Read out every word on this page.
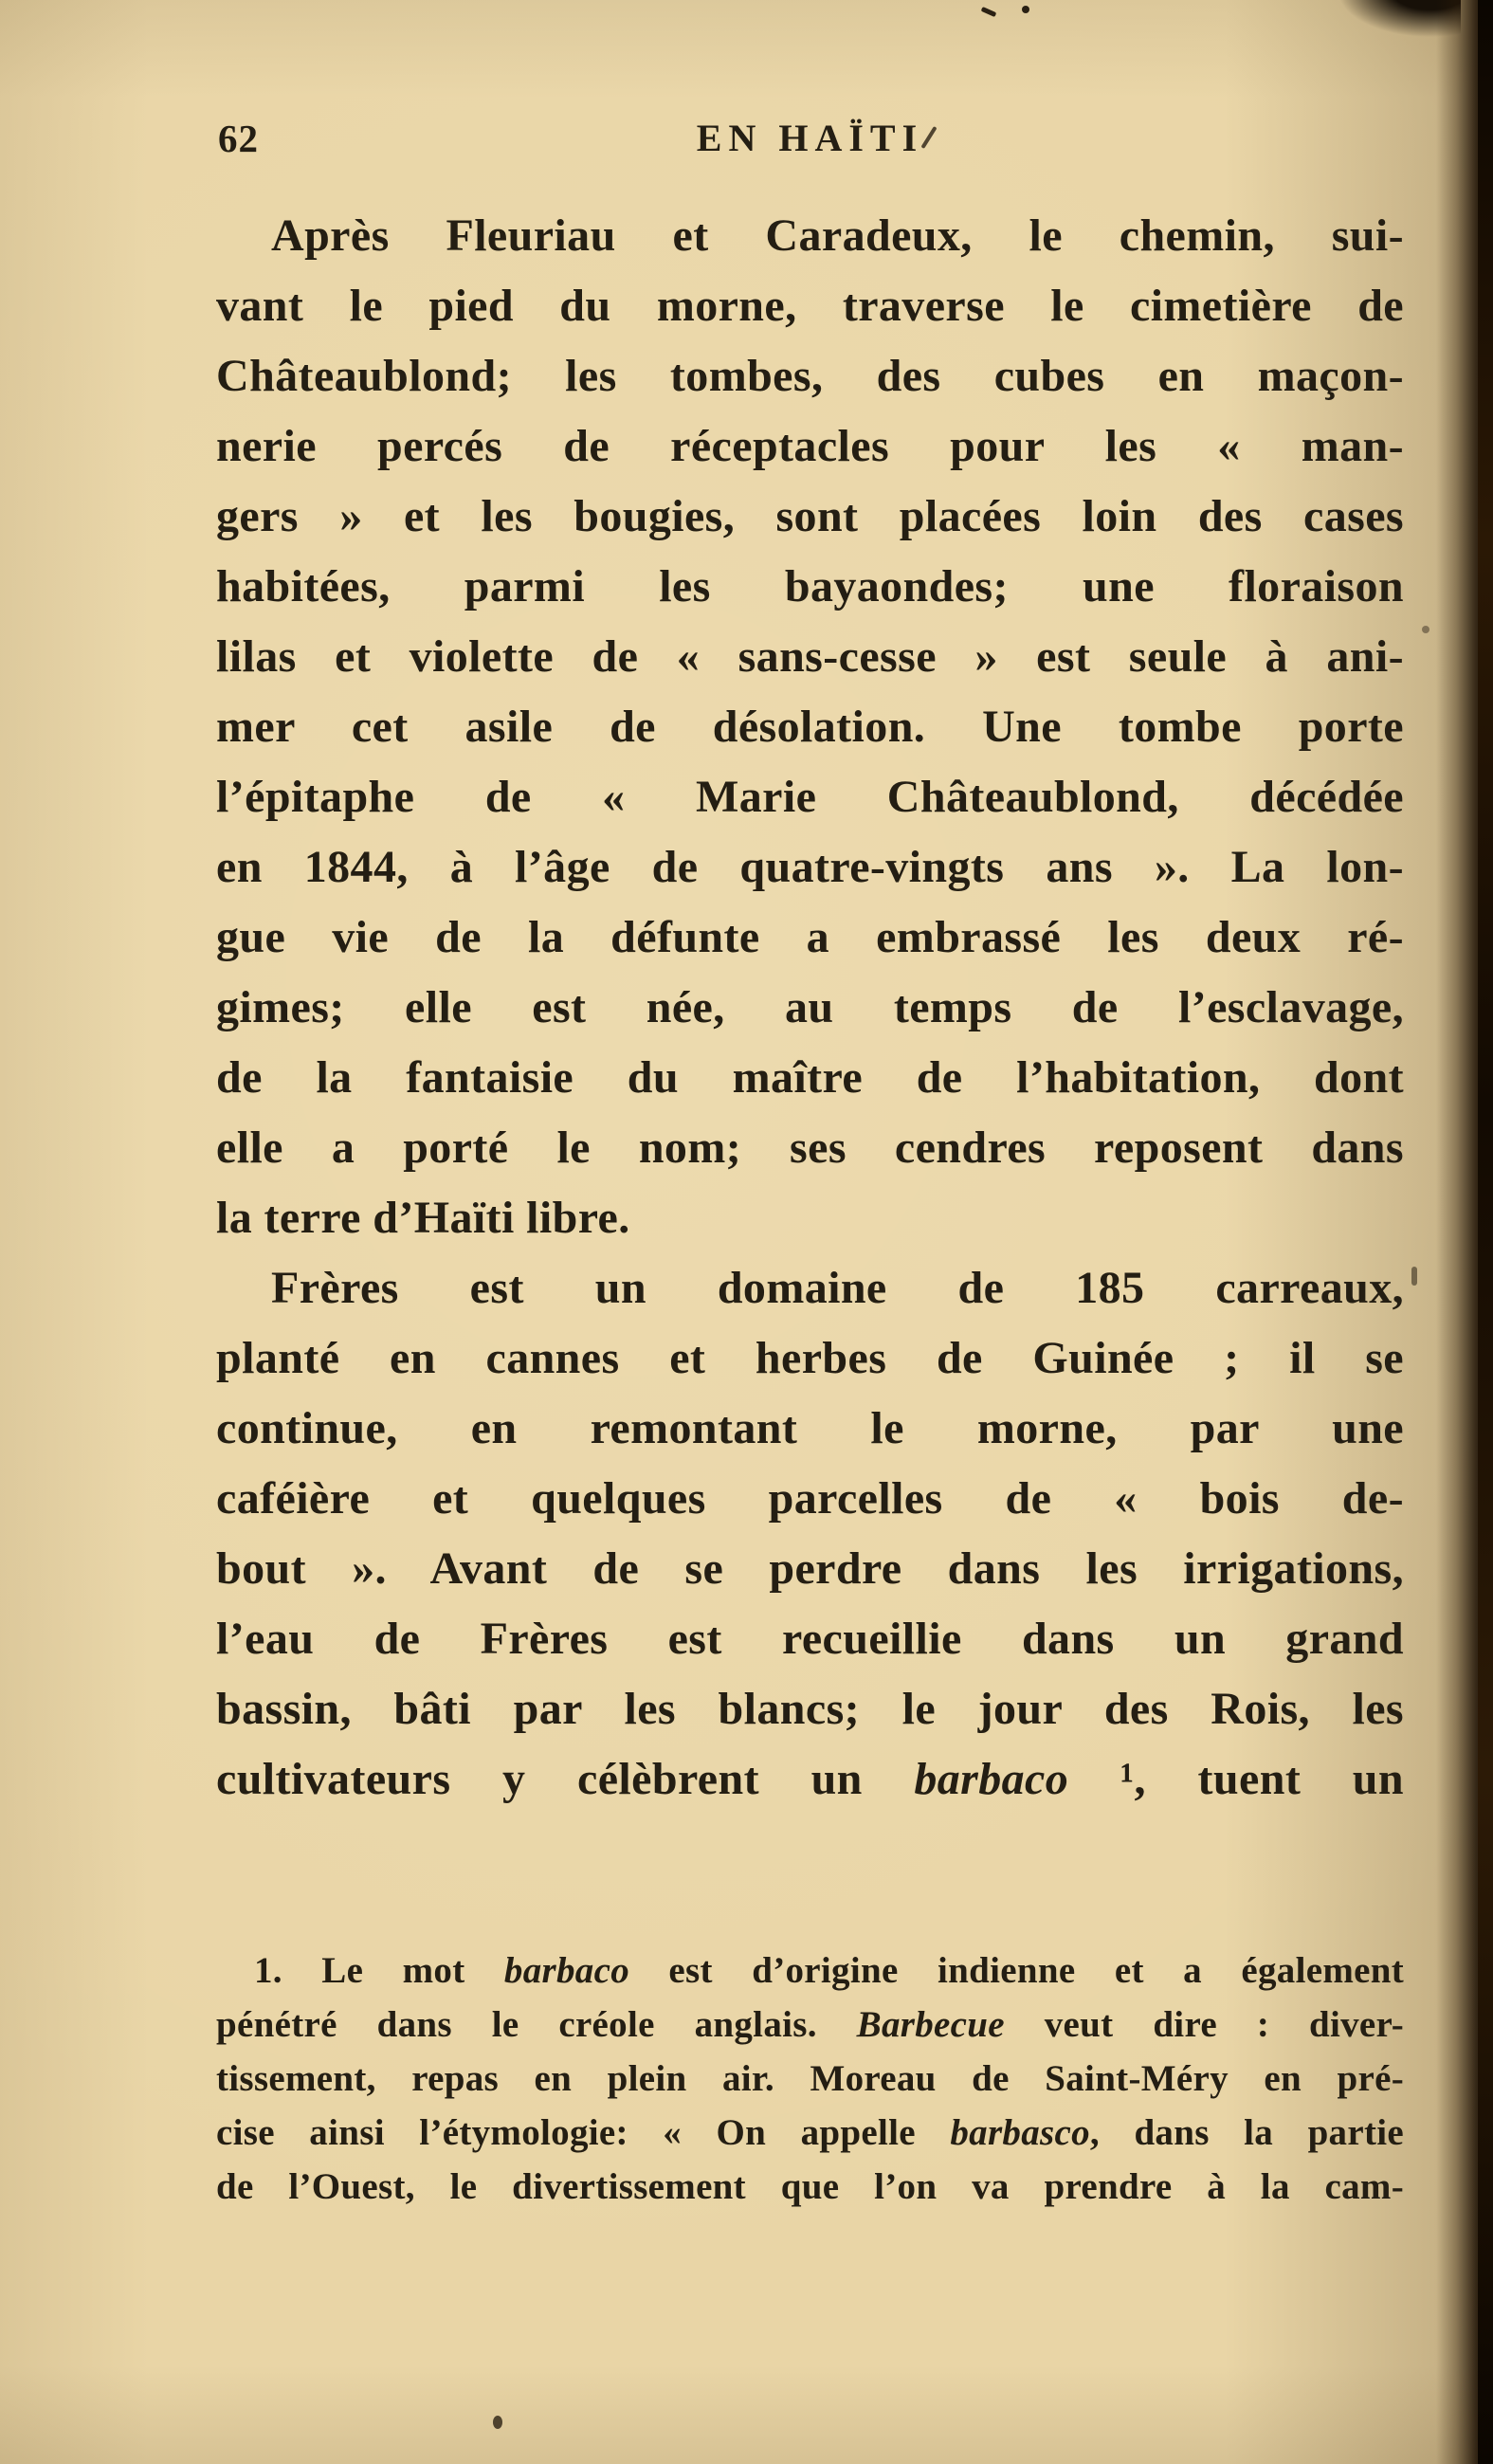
62	EN HAÏTI
Après Fleuriau et Caradeux, le chemin, sui-
vant le pied du morne, traverse le cimetière de
Châteaublond; les tombes, des cubes en maçon-
nerie percés de réceptacles pour les « man-
gers » et les bougies, sont placées loin des cases
habitées, parmi les bayaondes; une floraison
lilas et violette de « sans-cesse » est seule à ani-
mer cet asile de désolation. Une tombe porte
l’épitaphe de « Marie Châteaublond, décédée
en 1844, à l’âge de quatre-vingts ans ». La lon-
gue vie de la défunte a embrassé les deux ré-
gimes; elle est née, au temps de l’esclavage,
de la fantaisie du maître de l’habitation, dont
elle a porté le nom; ses cendres reposent dans
la terre d’Haïti libre.
Frères est un domaine de 185 carreaux,
planté en cannes et herbes de Guinée ; il se
continue, en remontant le morne, par une
caféière et quelques parcelles de « bois de-
bout ». Avant de se perdre dans les irrigations,
l’eau de Frères est recueillie dans un grand
bassin, bâti par les blancs; le jour des Rois, les
cultivateurs y célèbrent un barbaco ¹, tuent un
1. Le mot barbaco est d’origine indienne et a également
pénétré dans le créole anglais. Barbecue veut dire : diver-
tissement, repas en plein air. Moreau de Saint-Méry en pré-
cise ainsi l’étymologie: « On appelle barbasco, dans la partie
de l’Ouest, le divertissement que l’on va prendre à la cam-
